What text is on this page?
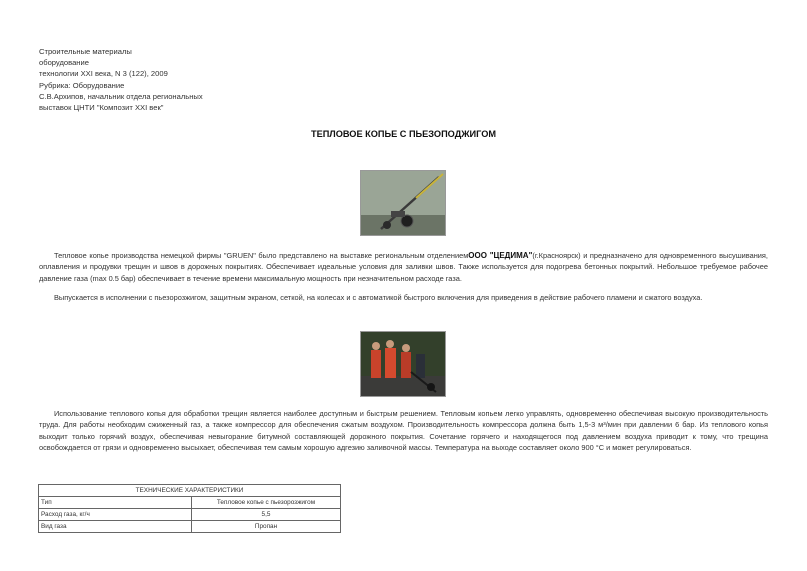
Строительные материалы
оборудование
технологии XXI века, N 3 (122), 2009
Рубрика: Оборудование
С.В.Архипов, начальник отдела региональных
выставок ЦНТИ "Композит XXI век"
ТЕПЛОВОЕ КОПЬЕ С ПЬЕЗОПОДЖИГОМ
Тепловое копье производства немецкой фирмы "GRUEN" было представлено на выставке региональным отделениемООО "ЦЕДИМА"(г.Красноярск) и предназначено для одновременного высушивания, оплавления и продувки трещин и швов в дорожных покрытиях. Обеспечивает идеальные условия для заливки швов. Также используется для подогрева бетонных покрытий. Небольшое требуемое рабочее давление газа (max 0.5 бар) обеспечивает в течение времени максимальную мощность при незначительном расходе газа.
Выпускается в исполнении с пьезорозжигом, защитным экраном, сеткой, на колесах и с автоматикой быстрого включения для приведения в действие рабочего пламени и сжатого воздуха.
Использование теплового копья для обработки трещин является наиболее доступным и быстрым решением. Тепловым копьем легко управлять, одновременно обеспечивая высокую производительность труда. Для работы необходим сжиженный газ, а также компрессор для обеспечения сжатым воздухом. Производительность компрессора должна быть 1,5-3 м³/мин при давлении 6 бар. Из теплового копья выходит только горячий воздух, обеспечивая невыгорание битумной составляющей дорожного покрытия. Сочетание горячего и находящегося под давлением воздуха приводит к тому, что трещина освобождается от грязи и одновременно высыхает, обеспечивая тем самым хорошую адгезию заливочной массы. Температура на выходе составляет около 900 °С и может регулироваться.
ТЕХНИЧЕСКИЕ ХАРАКТЕРИСТИКИ	
Тип	Тепловое копье с пьезорозжигом
Расход газа, кг/ч	5,5
Вид газа	Пропан
